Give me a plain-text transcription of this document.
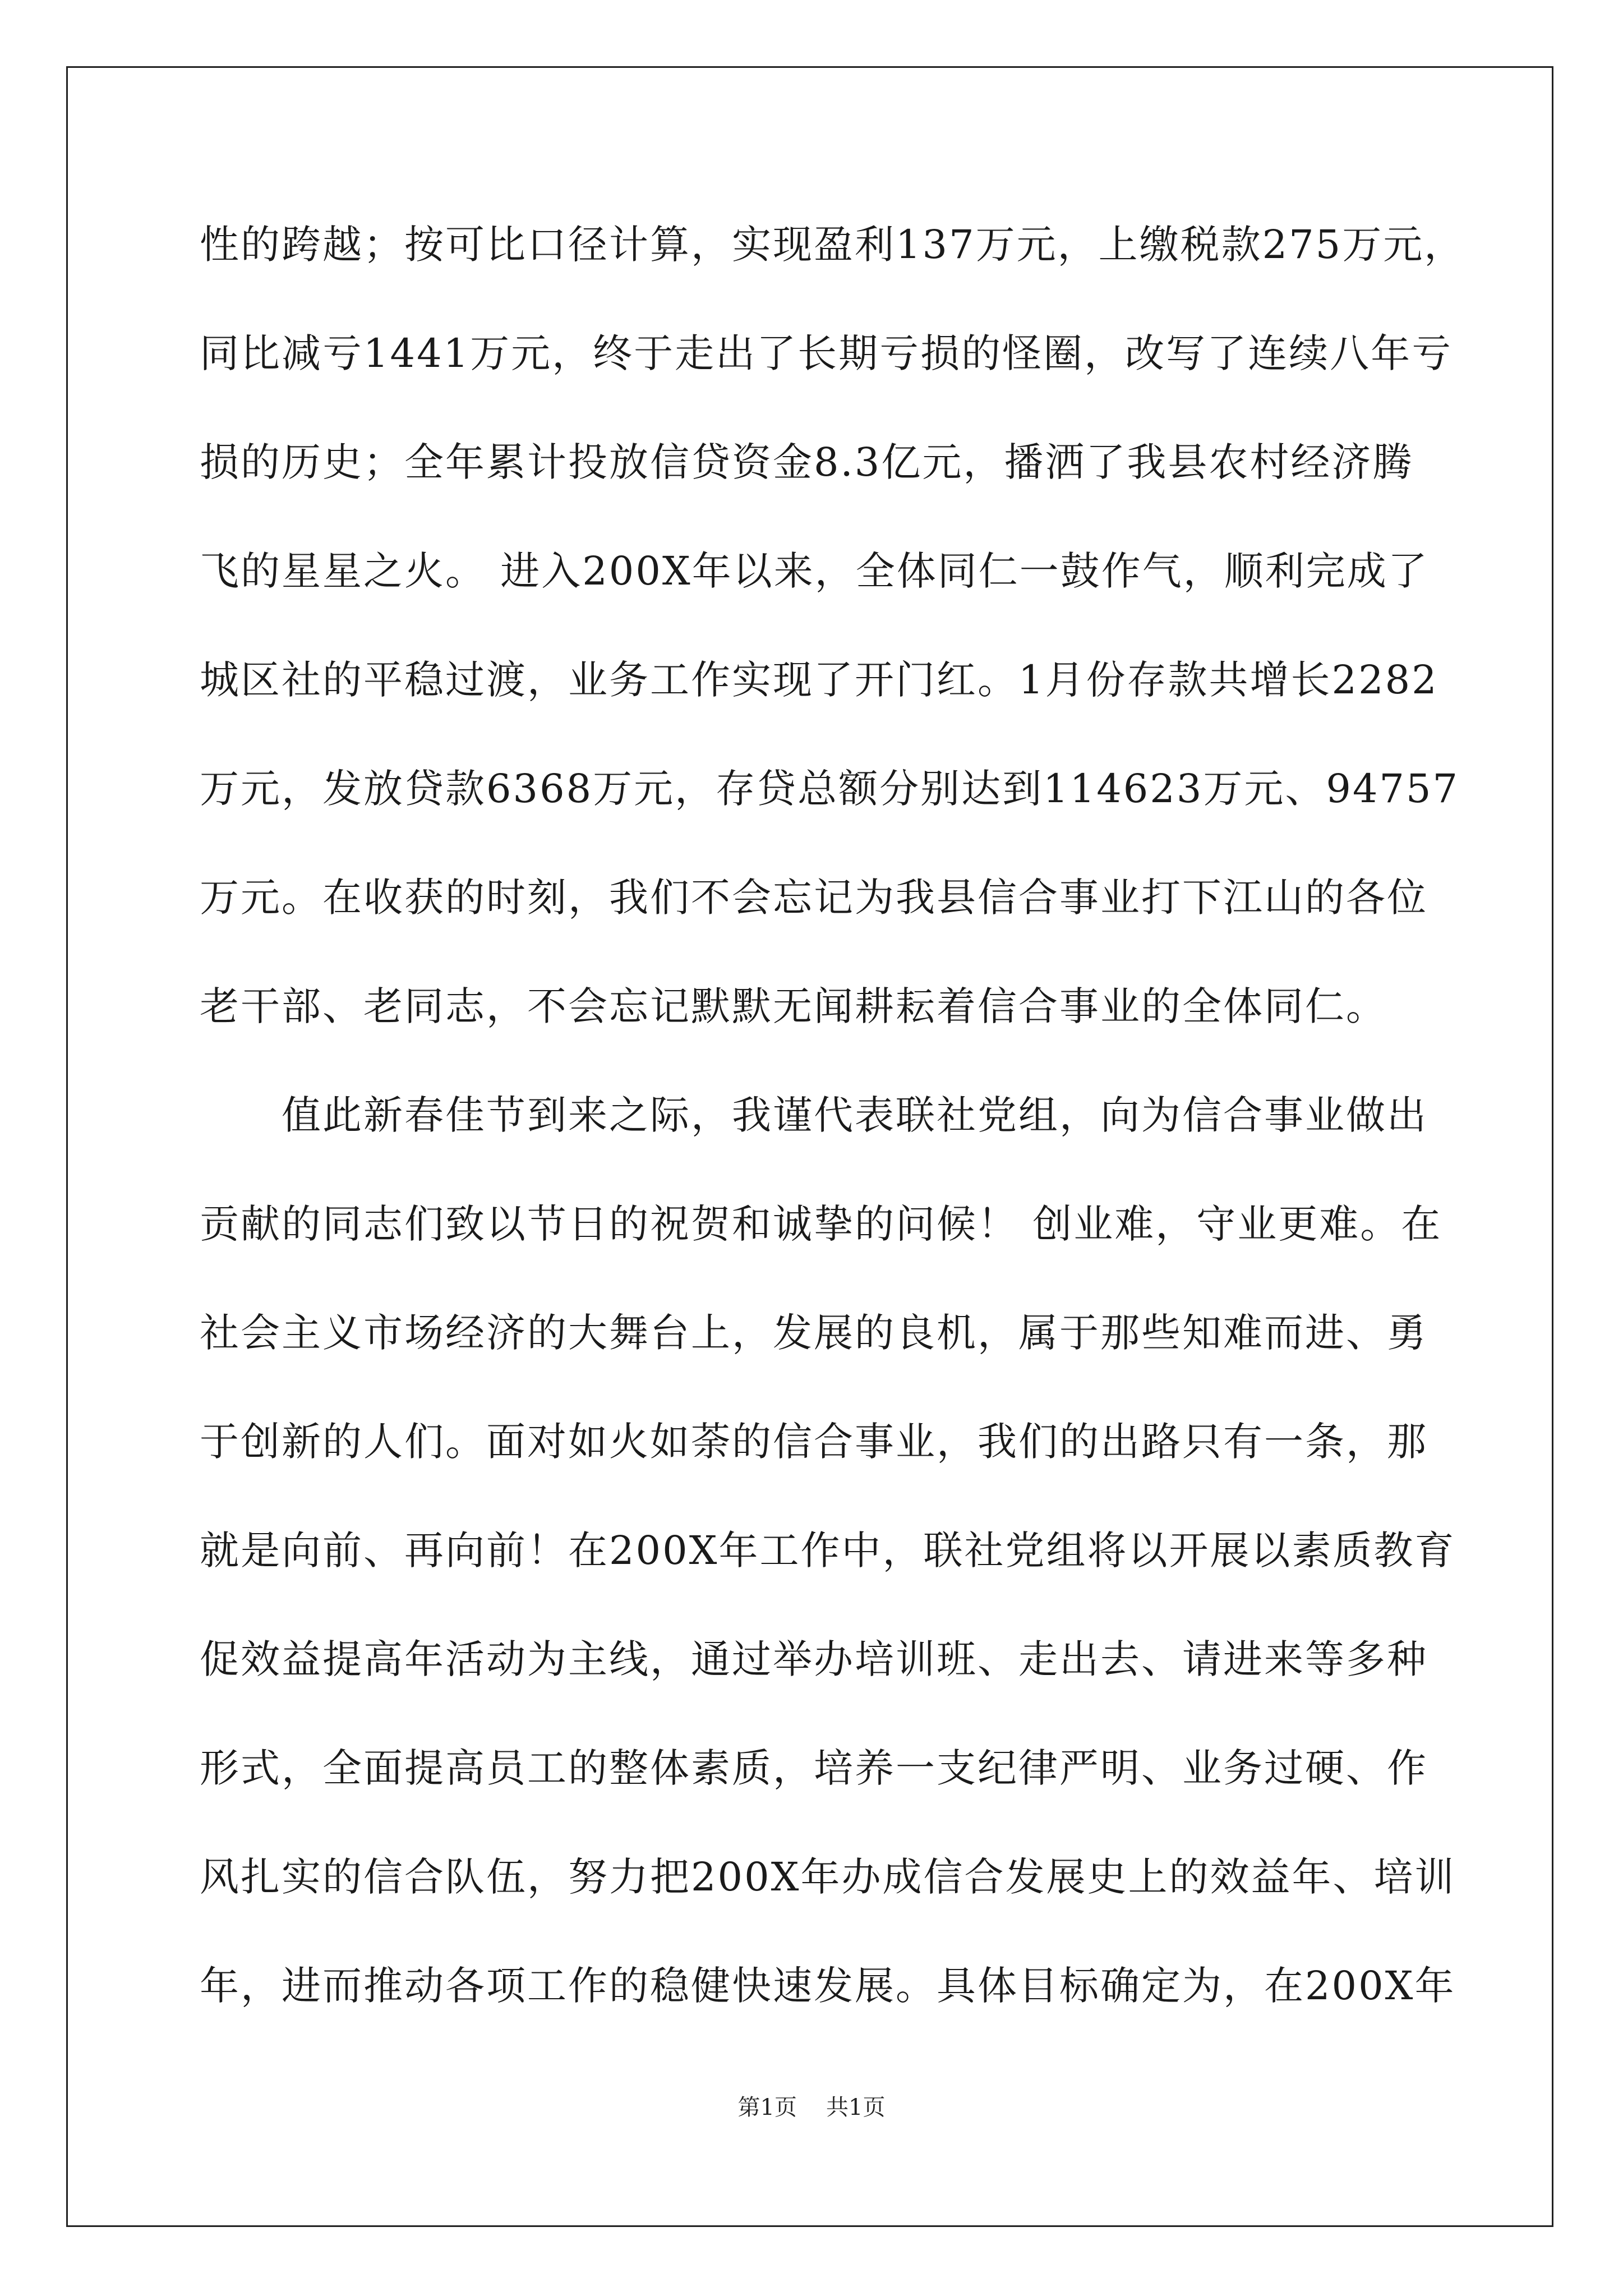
性的跨越；按可比口径计算，实现盈利137万元，上缴税款275万元，
同比减亏1441万元，终于走出了长期亏损的怪圈，改写了连续八年亏
损的历史；全年累计投放信贷资金8.3亿元，播洒了我县农村经济腾
飞的星星之火。 进入200X年以来，全体同仁一鼓作气，顺利完成了
城区社的平稳过渡，业务工作实现了开门红。1月份存款共增长2282
万元，发放贷款6368万元，存贷总额分别达到114623万元、94757
万元。在收获的时刻，我们不会忘记为我县信合事业打下江山的各位
老干部、老同志，不会忘记默默无闻耕耘着信合事业的全体同仁。
值此新春佳节到来之际，我谨代表联社党组，向为信合事业做出
贡献的同志们致以节日的祝贺和诚挚的问候！ 创业难，守业更难。在
社会主义市场经济的大舞台上，发展的良机，属于那些知难而进、勇
于创新的人们。面对如火如荼的信合事业，我们的出路只有一条，那
就是向前、再向前！在200X年工作中，联社党组将以开展以素质教育
促效益提高年活动为主线，通过举办培训班、走出去、请进来等多种
形式，全面提高员工的整体素质，培养一支纪律严明、业务过硬、作
风扎实的信合队伍，努力把200X年办成信合发展史上的效益年、培训
年，进而推动各项工作的稳健快速发展。具体目标确定为，在200X年
第1页 共1页
